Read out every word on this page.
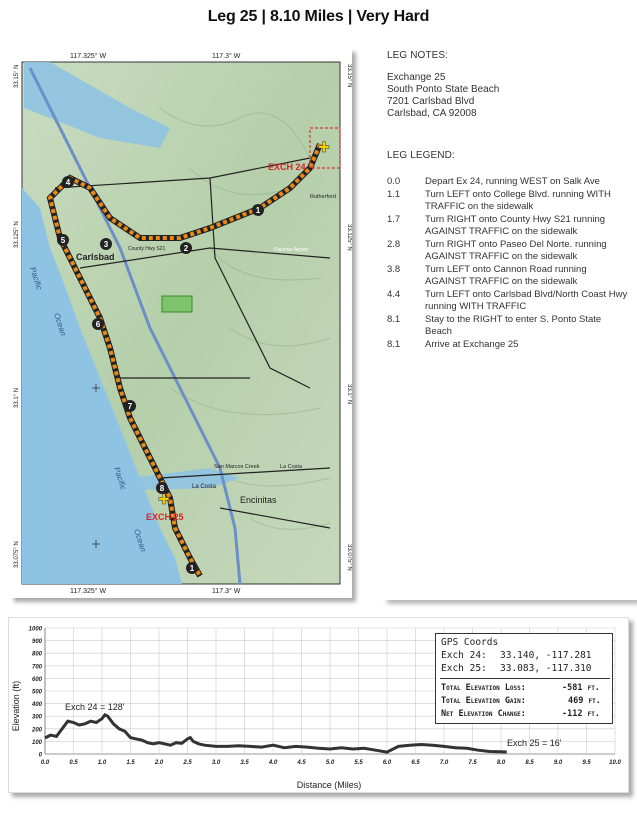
Leg 25 | 8.10 Miles | Very Hard
1
2
3
4
5
6
7
8
1
✚
✚
EXCH 24
EXCH 25
Carlsbad
Encinitas
La Costa
San Marcos Creek
Palomar Airport
Rutherford
County Hwy S21
La Costa
Pacific
Ocean
Pacific
Ocean
117.325° W	117.3° W
117.325° W	117.3° W
33.15° N
33.125° N
33.1° N
33.075° N
33.15° N
33.125° N
33.1° N
33.075° N
LEG NOTES:
Exchange 25
South Ponto State Beach
7201 Carlsbad Blvd
Carlsbad, CA 92008
LEG LEGEND:
0.0	Depart Ex 24, running WEST on Salk Ave
1.1	Turn LEFT onto College Blvd. running WITH TRAFFIC on the sidewalk
1.7	Turn RIGHT onto County Hwy S21 running AGAINST TRAFFIC on the sidewalk
2.8	Turn RIGHT onto Paseo Del Norte. running AGAINST TRAFFIC on the sidewalk
3.8	Turn LEFT onto Cannon Road running AGAINST TRAFFIC on the sidewalk
4.4	Turn LEFT onto Carlsbad Blvd/North Coast Hwy running WITH TRAFFIC
8.1	Stay to the RIGHT to enter S. Ponto State Beach
8.1	Arrive at Exchange 25
0
100
200
300
400
500
600
700
800
900
1000
0.0	0.5	1.0	1.5	2.0	2.5	3.0	3.5	4.0	4.5	5.0	5.5	6.0	6.5	7.0	7.5	8.0	8.5	9.0	9.5	10.0
Elevation (ft)
Distance (Miles)
Exch 24 = 128'
Exch 25 = 16'
GPS Coords
Exch 24: 33.140, -117.281
Exch 25: 33.083, -117.310
Total Elevation Loss:	-581 ft.
Total Elevation Gain:	469 ft.
Net Elevation Change:	-112 ft.
